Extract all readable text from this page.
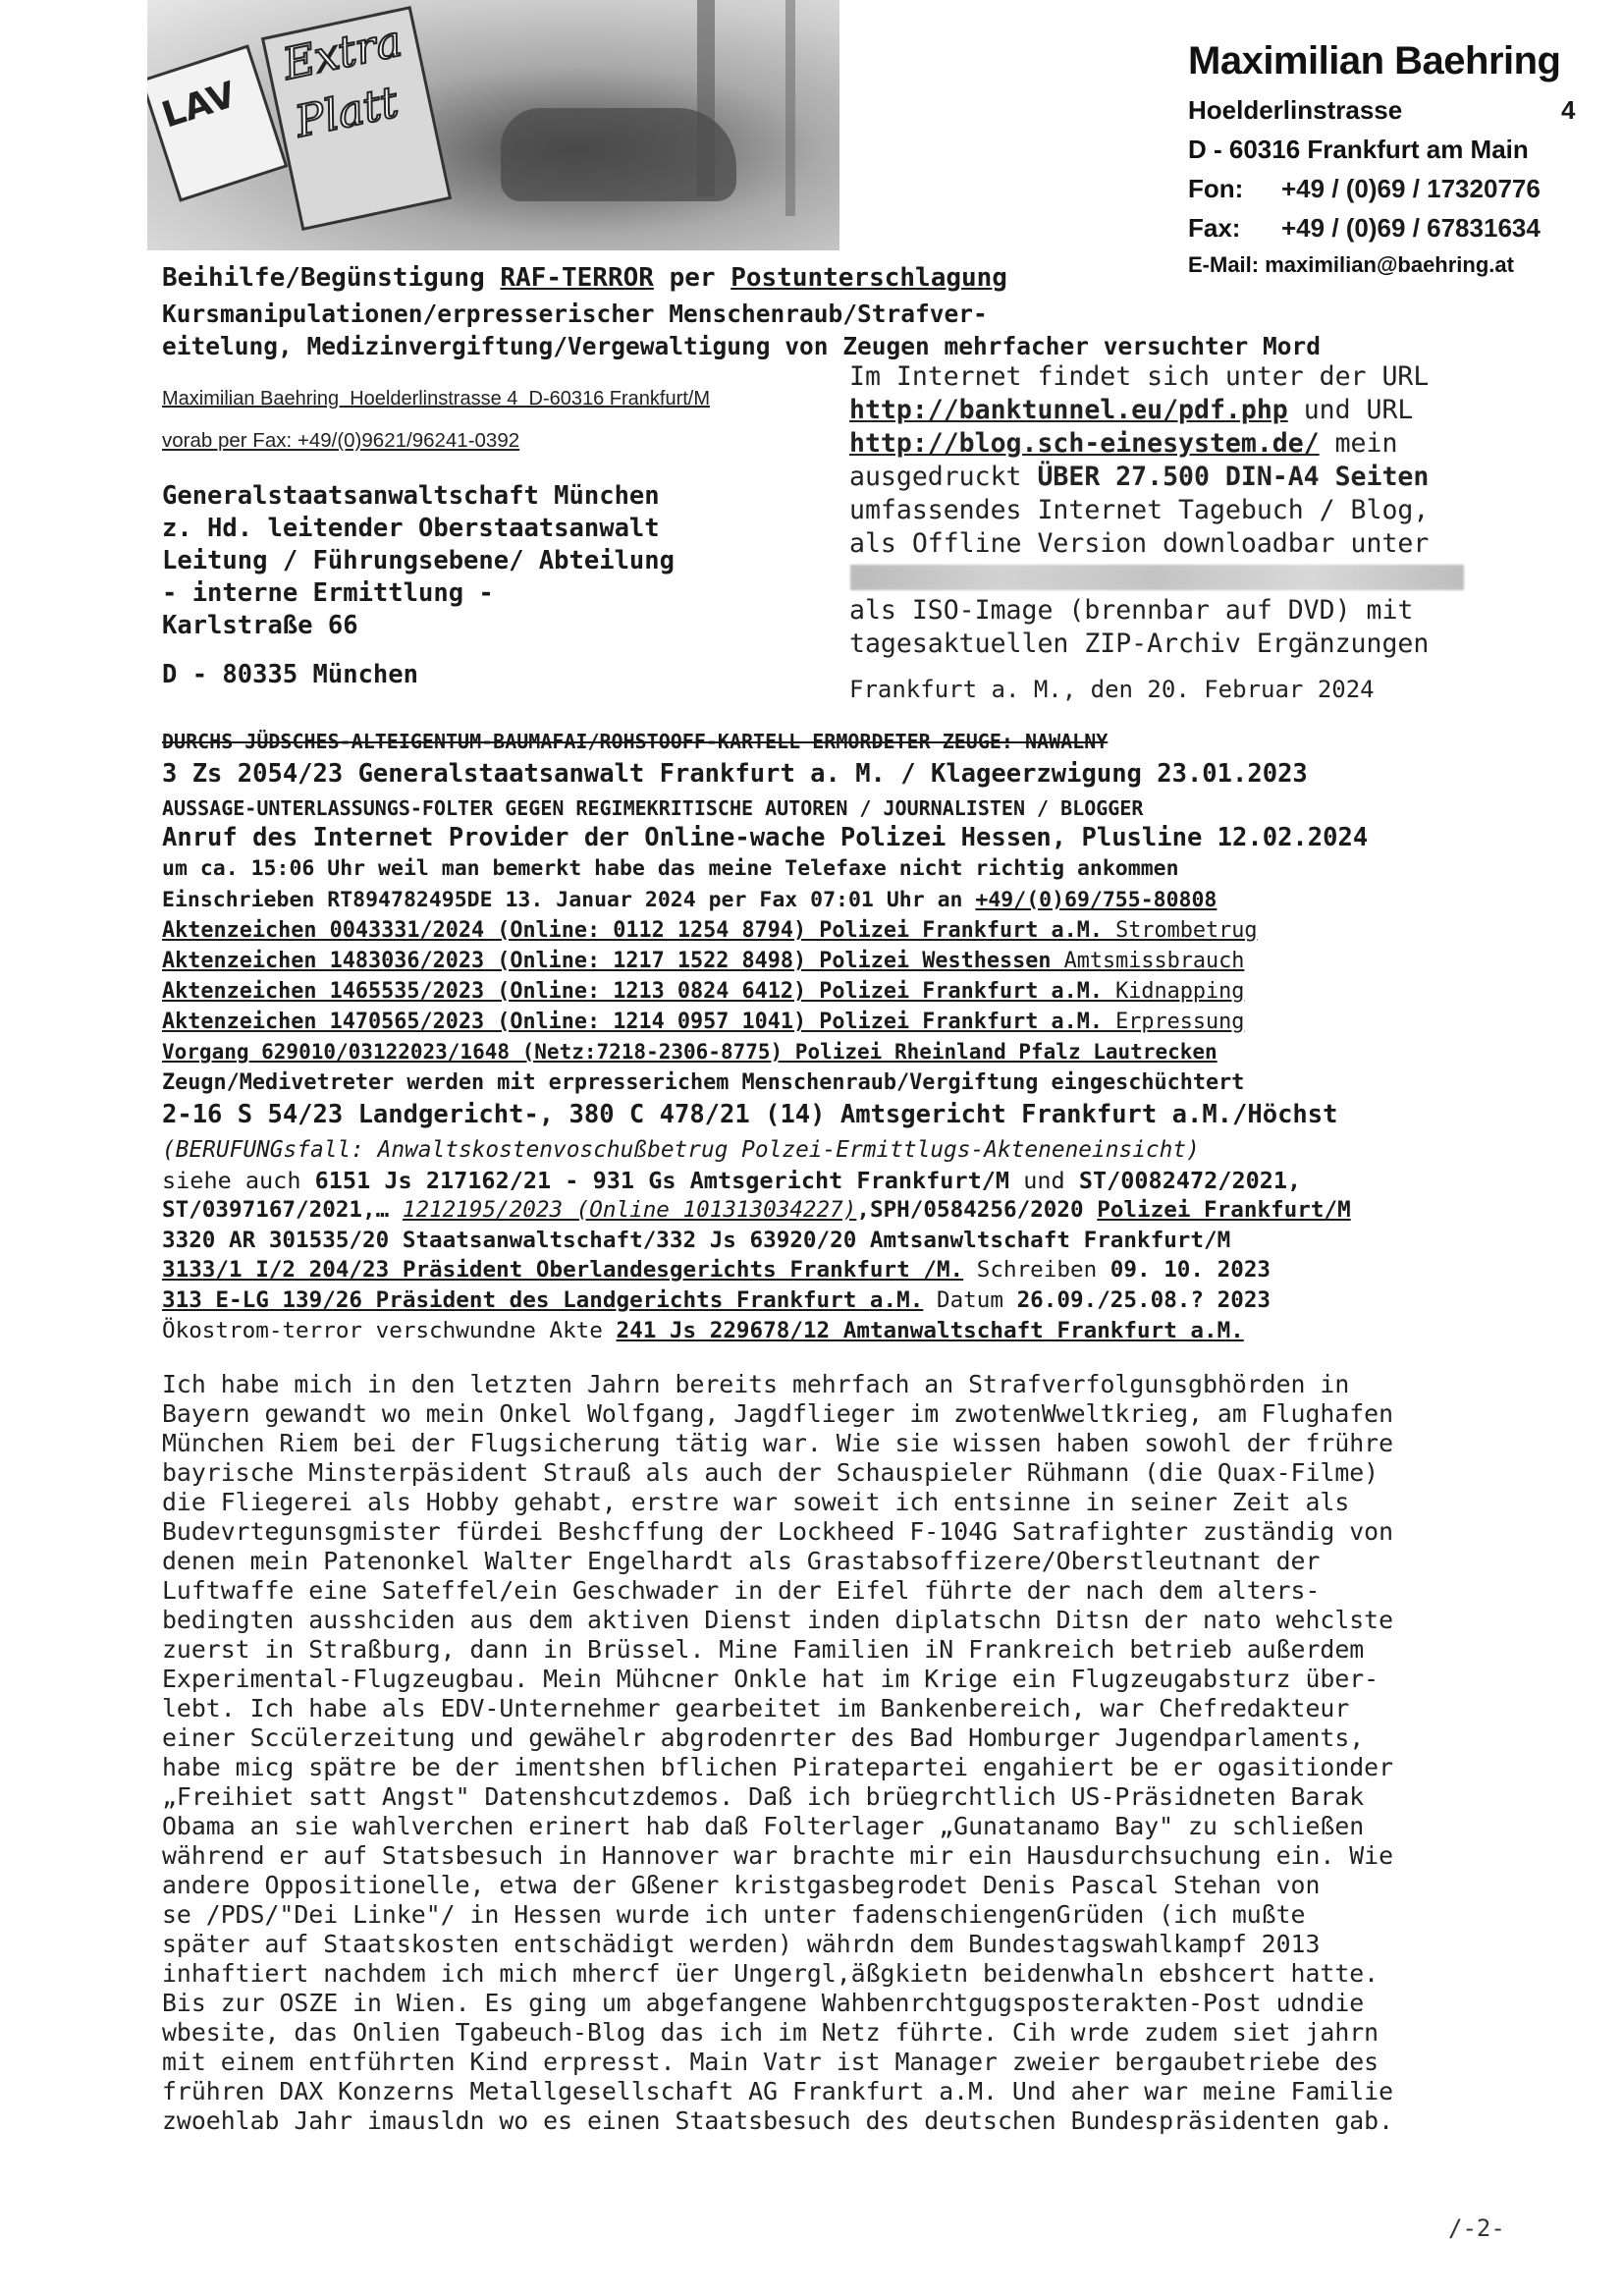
LAV
Extra
Platt
Maximilian Baehring
Hoelderlinstrasse	4
D - 60316 Frankfurt am Main
Fon: +49 / (0)69 / 17320776
Fax: +49 / (0)69 / 67831634
E-Mail: maximilian@baehring.at
Beihilfe/Begünstigung RAF-TERROR per Postunterschlagung
Kursmanipulationen/erpresserischer Menschenraub/Strafver-
eitelung, Medizinvergiftung/Vergewaltigung von Zeugen mehrfacher versuchter Mord
Maximilian Baehring  Hoelderlinstrasse 4  D-60316 Frankfurt/M
vorab per Fax: +49/(0)9621/96241-0392
Generalstaatsanwaltschaft München
z. Hd. leitender Oberstaatsanwalt
Leitung / Führungsebene/ Abteilung
- interne Ermittlung -
Karlstraße 66
D - 80335 München
Im Internet findet sich unter der URL
http://banktunnel.eu/pdf.php und URL
http://blog.sch-einesystem.de/ mein
ausgedruckt ÜBER 27.500 DIN-A4 Seiten
umfassendes Internet Tagebuch / Blog,
als Offline Version downloadbar unter
als ISO-Image (brennbar auf DVD) mit
tagesaktuellen ZIP-Archiv Ergänzungen
Frankfurt a. M., den 20. Februar 2024
DURCHS JÜDSCHES-ALTEIGENTUM-BAUMAFAI/ROHSTOOFF-KARTELL ERMORDETER ZEUGE: NAWALNY
3 Zs 2054/23 Generalstaatsanwalt Frankfurt a. M. / Klageerzwigung 23.01.2023
AUSSAGE-UNTERLASSUNGS-FOLTER GEGEN REGIMEKRITISCHE AUTOREN / JOURNALISTEN / BLOGGER
Anruf des Internet Provider der Online-wache Polizei Hessen, Plusline 12.02.2024
um ca. 15:06 Uhr weil man bemerkt habe das meine Telefaxe nicht richtig ankommen
Einschrieben RT894782495DE 13. Januar 2024 per Fax 07:01 Uhr an +49/(0)69/755-80808
Aktenzeichen 0043331/2024 (Online: 0112 1254 8794) Polizei Frankfurt a.M. Strombetrug
Aktenzeichen 1483036/2023 (Online: 1217 1522 8498) Polizei Westhessen Amtsmissbrauch
Aktenzeichen 1465535/2023 (Online: 1213 0824 6412) Polizei Frankfurt a.M. Kidnapping
Aktenzeichen 1470565/2023 (Online: 1214 0957 1041) Polizei Frankfurt a.M. Erpressung
Vorgang 629010/03122023/1648 (Netz:7218-2306-8775) Polizei Rheinland Pfalz Lautrecken
Zeugn/Medivetreter werden mit erpresserichem Menschenraub/Vergiftung eingeschüchtert
2-16 S 54/23 Landgericht-, 380 C 478/21 (14) Amtsgericht Frankfurt a.M./Höchst
(BERUFUNGsfall: Anwaltskostenvoschußbetrug Polzei-Ermittlugs-Akteneneinsicht)
siehe auch 6151 Js 217162/21 - 931 Gs Amtsgericht Frankfurt/M und ST/0082472/2021,
ST/0397167/2021,… 1212195/2023 (Online 101313034227),SPH/0584256/2020 Polizei Frankfurt/M
3320 AR 301535/20 Staatsanwaltschaft/332 Js 63920/20 Amtsanwltschaft Frankfurt/M
3133/1 I/2 204/23 Präsident Oberlandesgerichts Frankfurt /M. Schreiben 09. 10. 2023
313 E-LG 139/26 Präsident des Landgerichts Frankfurt a.M. Datum 26.09./25.08.? 2023
Ökostrom-terror verschwundne Akte 241 Js 229678/12 Amtanwaltschaft Frankfurt a.M.
Ich habe mich in den letzten Jahrn bereits mehrfach an Strafverfolgunsgbhörden in
Bayern gewandt wo mein Onkel Wolfgang, Jagdflieger im zwotenWweltkrieg, am Flughafen
München Riem bei der Flugsicherung tätig war. Wie sie wissen haben sowohl der frühre
bayrische Minsterpäsident Strauß als auch der Schauspieler Rühmann (die Quax-Filme)
die Fliegerei als Hobby gehabt, erstre war soweit ich entsinne in seiner Zeit als
Budevrtegunsgmister fürdei Beshcffung der Lockheed F-104G Satrafighter zuständig von
denen mein Patenonkel Walter Engelhardt als Grastabsoffizere/Oberstleutnant der
Luftwaffe eine Sateffel/ein Geschwader in der Eifel führte der nach dem alters-
bedingten ausshciden aus dem aktiven Dienst inden diplatschn Ditsn der nato wehclste
zuerst in Straßburg, dann in Brüssel. Mine Familien iN Frankreich betrieb außerdem
Experimental-Flugzeugbau. Mein Mühcner Onkle hat im Krige ein Flugzeugabsturz über-
lebt. Ich habe als EDV-Unternehmer gearbeitet im Bankenbereich, war Chefredakteur
einer Sccülerzeitung und gewähelr abgrodenrter des Bad Homburger Jugendparlaments,
habe micg spätre be der imentshen bflichen Piratepartei engahiert be er ogasitionder
„Freihiet satt Angst" Datenshcutzdemos. Daß ich brüegrchtlich US-Präsidneten Barak
Obama an sie wahlverchen erinert hab daß Folterlager „Gunatanamo Bay" zu schließen
während er auf Statsbesuch in Hannover war brachte mir ein Hausdurchsuchung ein. Wie
andere Oppositionelle, etwa der Gßener kristgasbegrodet Denis Pascal Stehan von
se /PDS/"Dei Linke"/ in Hessen wurde ich unter fadenschiengenGrüden (ich mußte
später auf Staatskosten entschädigt werden) währdn dem Bundestagswahlkampf 2013
inhaftiert nachdem ich mich mhercf üer Ungergl,äßgkietn beidenwhaln ebshcert hatte.
Bis zur OSZE in Wien. Es ging um abgefangene Wahbenrchtgugsposterakten-Post udndie
wbesite, das Onlien Tgabeuch-Blog das ich im Netz führte. Cih wrde zudem siet jahrn
mit einem entführten Kind erpresst. Main Vatr ist Manager zweier bergaubetriebe des
frühren DAX Konzerns Metallgesellschaft AG Frankfurt a.M. Und aher war meine Familie
zwoehlab Jahr imausldn wo es einen Staatsbesuch des deutschen Bundespräsidenten gab.
/-2-
